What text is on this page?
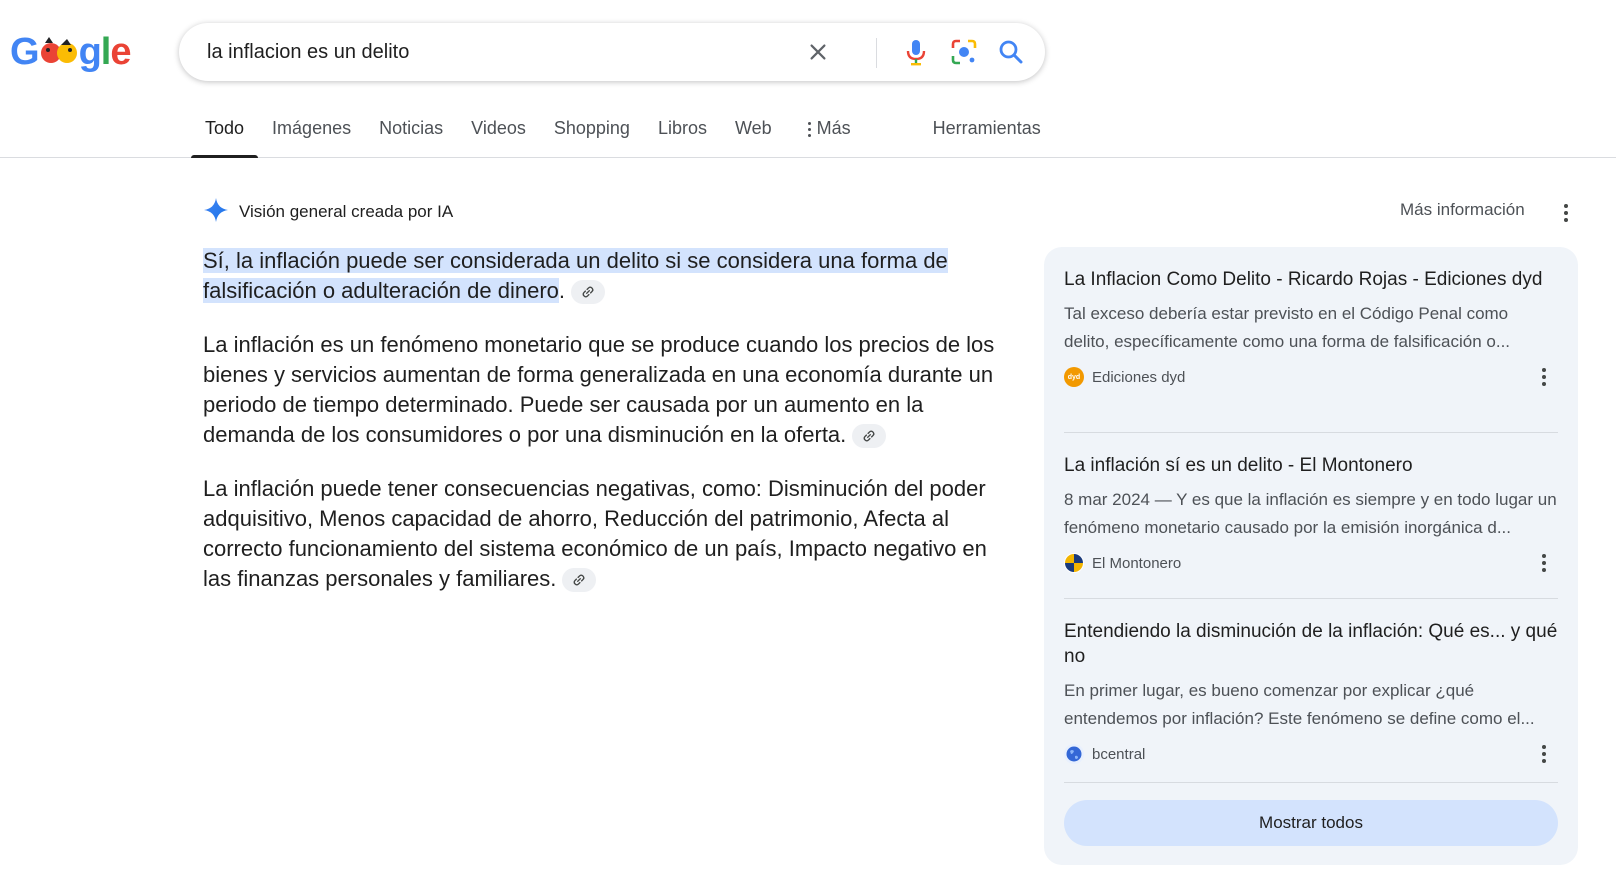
G g l e
la inflacion es un delito
Todo	Imágenes	Noticias	Videos	Shopping	Libros	Web	Más	Herramientas
Visión general creada por IA	Más información

Sí, la inflación puede ser considerada un delito si se considera una forma de falsificación o adulteración de dinero.

La inflación es un fenómeno monetario que se produce cuando los precios de los bienes y servicios aumentan de forma generalizada en una economía durante un periodo de tiempo determinado. Puede ser causada por un aumento en la demanda de los consumidores o por una disminución en la oferta.

La inflación puede tener consecuencias negativas, como: Disminución del poder adquisitivo, Menos capacidad de ahorro, Reducción del patrimonio, Afecta al correcto funcionamiento del sistema económico de un país, Impacto negativo en las finanzas personales y familiares.

La Inflacion Como Delito - Ricardo Rojas - Ediciones dyd
Tal exceso debería estar previsto en el Código Penal como delito, específicamente como una forma de falsificación o...
dyd Ediciones dyd
La inflación sí es un delito - El Montonero
8 mar 2024 — Y es que la inflación es siempre y en todo lugar un fenómeno monetario causado por la emisión inorgánica d...
El Montonero
Entendiendo la disminución de la inflación: Qué es... y qué no
En primer lugar, es bueno comenzar por explicar ¿qué entendemos por inflación? Este fenómeno se define como el...
bcentral
Mostrar todos
